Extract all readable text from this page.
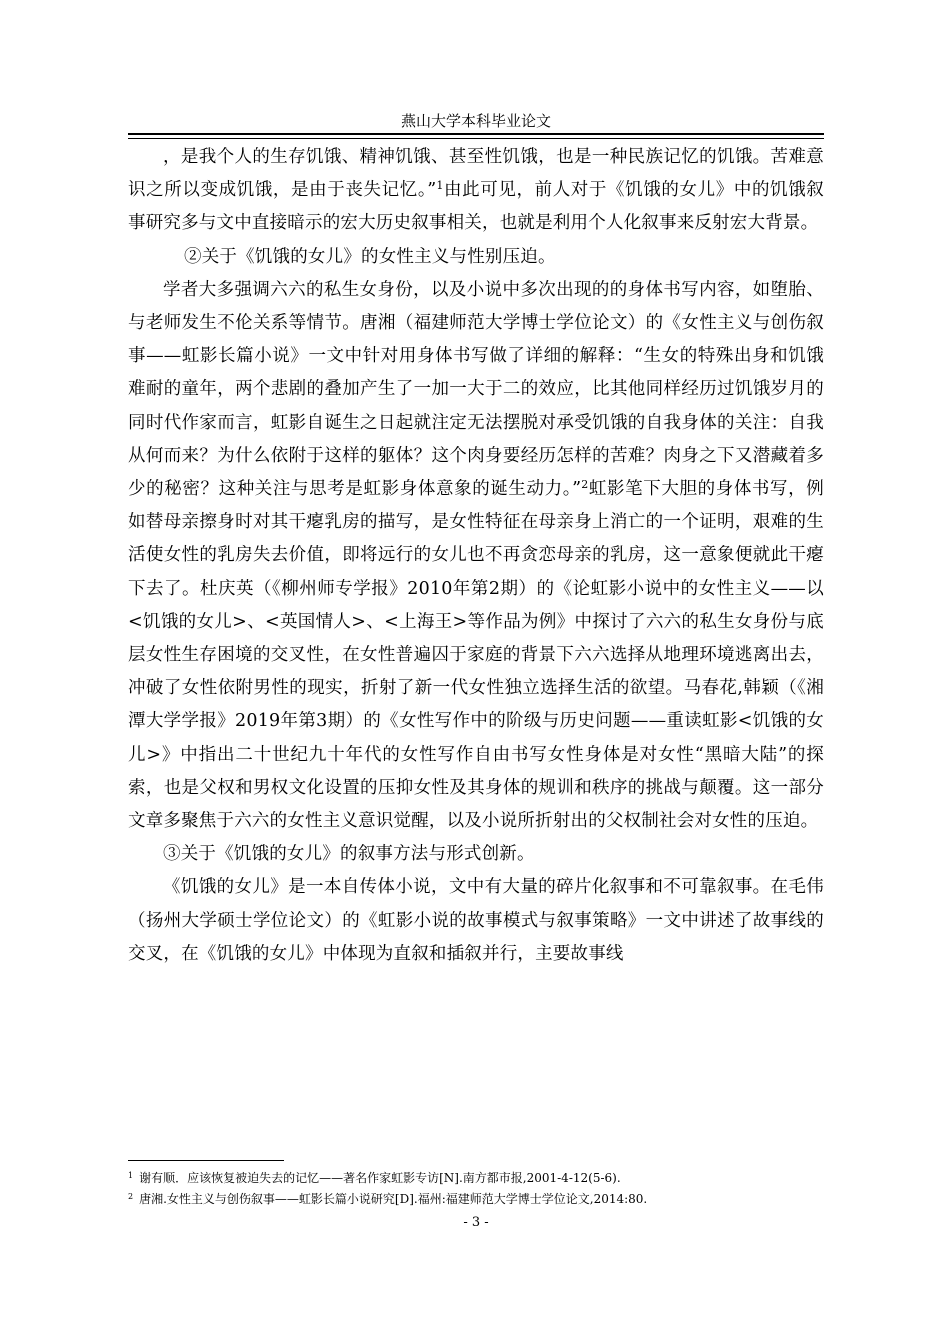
燕山大学本科毕业论文

，是我个人的生存饥饿、精神饥饿、甚至性饥饿，也是一种民族记忆的饥饿。苦难意识之所以变成饥饿，是由于丧失记忆。”$^1$由此可见，前人对于《饥饿的女儿》中的饥饿叙事研究多与文中直接暗示的宏大历史叙事相关，也就是利用个人化叙事来反射宏大背景。

②关于《饥饿的女儿》的女性主义与性别压迫。

学者大多强调六六的私生女身份，以及小说中多次出现的的身体书写内容，如堕胎、与老师发生不伦关系等情节。唐湘（福建师范大学博士学位论文）的《女性主义与创伤叙事——虹影长篇小说》一文中针对用身体书写做了详细的解释：“生女的特殊出身和饥饿难耐的童年，两个悲剧的叠加产生了一加一大于二的效应，比其他同样经历过饥饿岁月的同时代作家而言，虹影自诞生之日起就注定无法摆脱对承受饥饿的自我身体的关注：自我从何而来？为什么依附于这样的躯体？这个肉身要经历怎样的苦难？肉身之下又潜藏着多少的秘密？这种关注与思考是虹影身体意象的诞生动力。”$^2$虹影笔下大胆的身体书写，例如替母亲擦身时对其干瘪乳房的描写，是女性特征在母亲身上消亡的一个证明，艰难的生活使女性的乳房失去价值，即将远行的女儿也不再贪恋母亲的乳房，这一意象便就此干瘪下去了。杜庆英（《柳州师专学报》2010年第2期）的《论虹影小说中的女性主义——以<饥饿的女儿>、<英国情人>、<上海王>等作品为例》中探讨了六六的私生女身份与底层女性生存困境的交叉性，在女性普遍囚于家庭的背景下六六选择从地理环境逃离出去，冲破了女性依附男性的现实，折射了新一代女性独立选择生活的欲望。马春花,韩颖（《湘潭大学学报》2019年第3期）的《女性写作中的阶级与历史问题——重读虹影<饥饿的女儿>》中指出二十世纪九十年代的女性写作自由书写女性身体是对女性“黑暗大陆”的探索，也是父权和男权文化设置的压抑女性及其身体的规训和秩序的挑战与颠覆。这一部分文章多聚焦于六六的女性主义意识觉醒，以及小说所折射出的父权制社会对女性的压迫。

③关于《饥饿的女儿》的叙事方法与形式创新。

《饥饿的女儿》是一本自传体小说，文中有大量的碎片化叙事和不可靠叙事。在毛伟（扬州大学硕士学位论文）的《虹影小说的故事模式与叙事策略》一文中讲述了故事线的交叉，在《饥饿的女儿》中体现为直叙和插叙并行，主要故事线

$^1$ 谢有顺．应该恢复被迫失去的记忆——著名作家虹影专访[N].南方都市报,2001-4-12(5-6).
$^2$ 唐湘.女性主义与创伤叙事——虹影长篇小说研究[D].福州:福建师范大学博士学位论文,2014:80.
- 3 -
